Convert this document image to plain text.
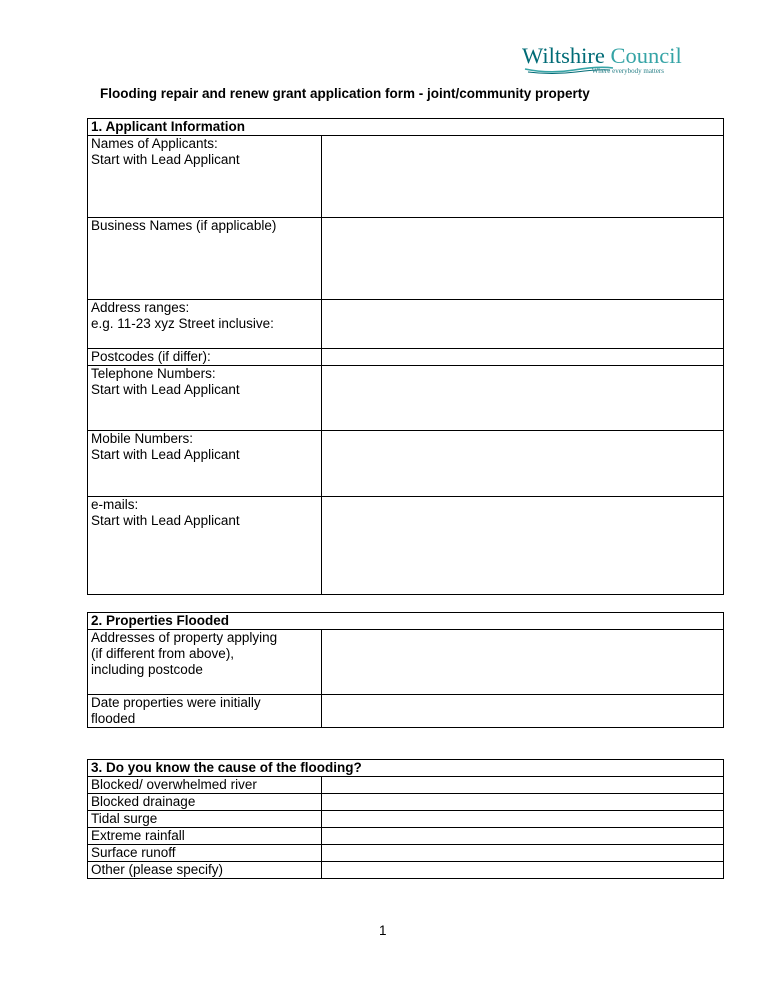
Wiltshire Council
Where everybody matters
Flooding repair and renew grant application form - joint/community property
1. Applicant Information	

Names of Applicants:
Start with Lead Applicant	

Business Names (if applicable)	

Address ranges:
e.g. 11-23 xyz Street inclusive:	

Postcodes (if differ):	

Telephone Numbers:
Start with Lead Applicant	

Mobile Numbers:
Start with Lead Applicant	

e-mails:
Start with Lead Applicant	

2. Properties Flooded	

Addresses of property applying
(if different from above),
including postcode	

Date properties were initially
flooded	

3. Do you know the cause of the flooding?	
Blocked/ overwhelmed river	
Blocked drainage	
Tidal surge	
Extreme rainfall	
Surface runoff	
Other (please specify)	
1
